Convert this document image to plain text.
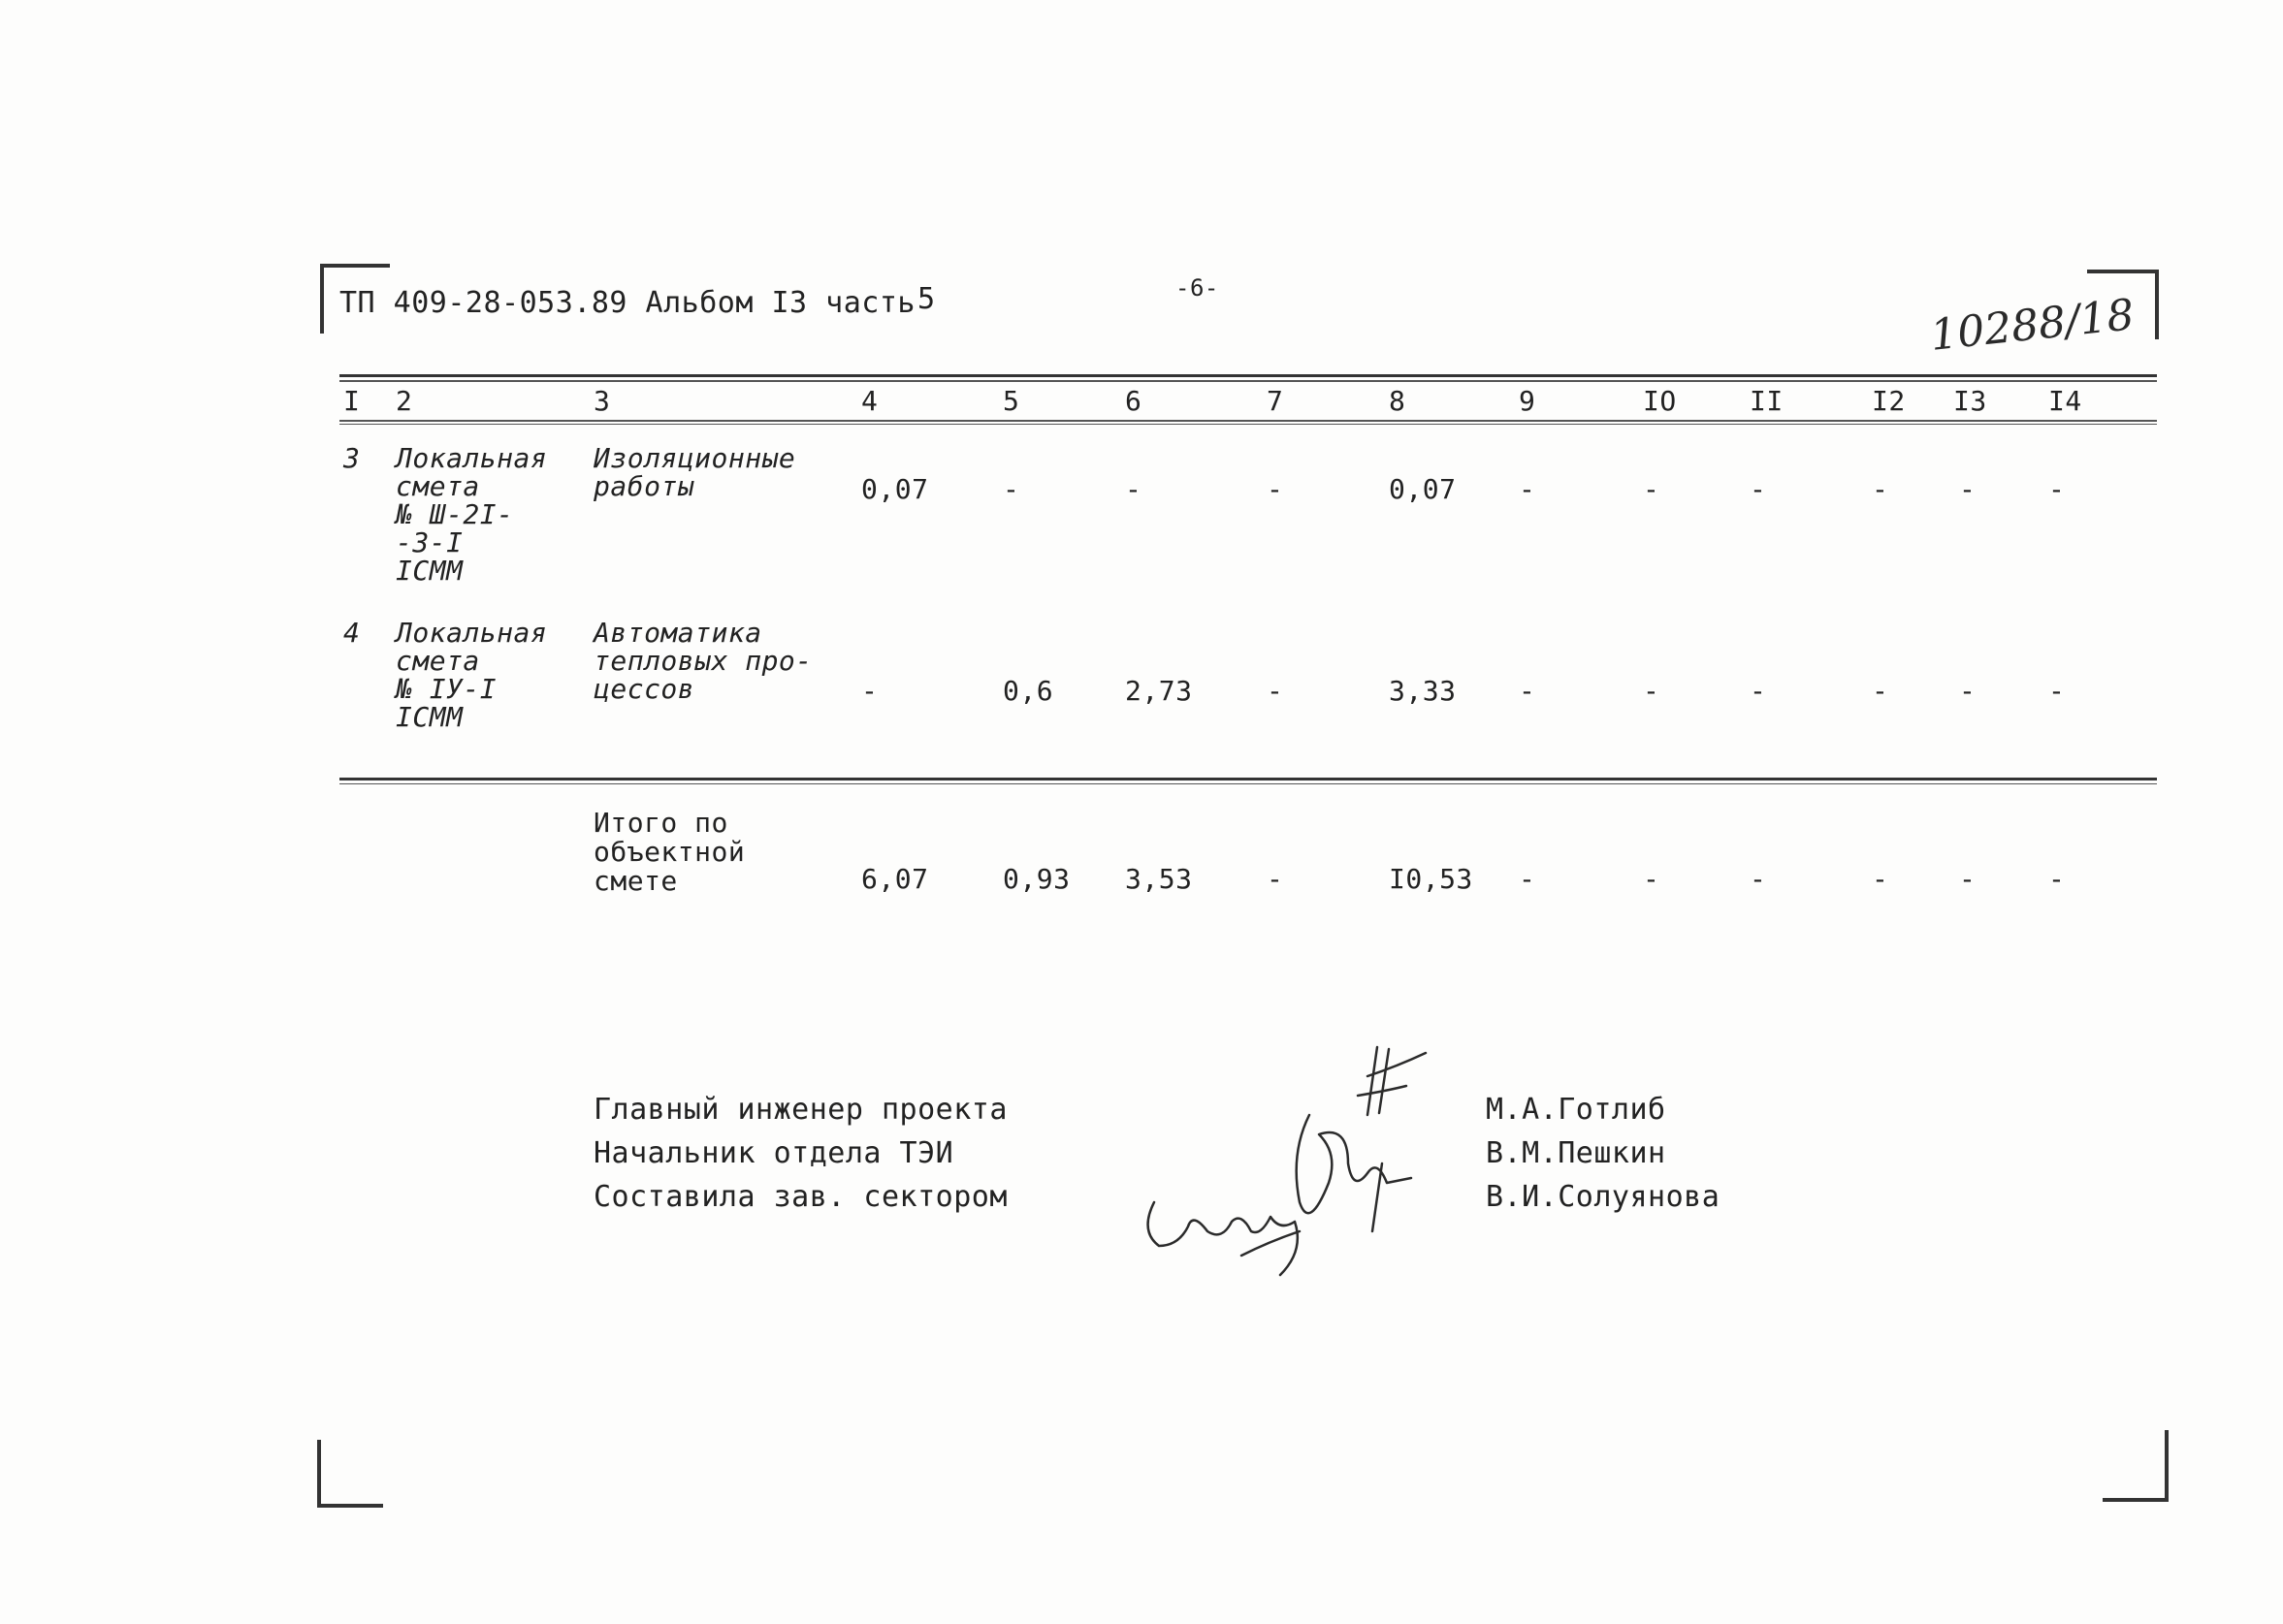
ТП 409-28-053.89 Альбом I3 часть 5	-6-
10288/18
I 2	3	4	5	6	7	8	9	IO	II	I2 I3 I4
3 Локальная
смета
№ Ш-2I-
-3-I
IСММ
Изоляционные
работы	0,07	-	-	-	0,07 -	-	-	-	-	-
4 Локальная
смета
№ IУ-I
IСММ
Автоматика
тепловых про-
цессов	-	0,6	2,73	-	3,33 -	-	-	-	-	-
Итого по
объектной
смете	6,07	0,93 3,53	-	I0,53 -	-	-	-	-	-
Главный инженер проекта
Начальник отдела ТЭИ
Составила зав. сектором
М.А.Готлиб
В.М.Пешкин
В.И.Солуянова
